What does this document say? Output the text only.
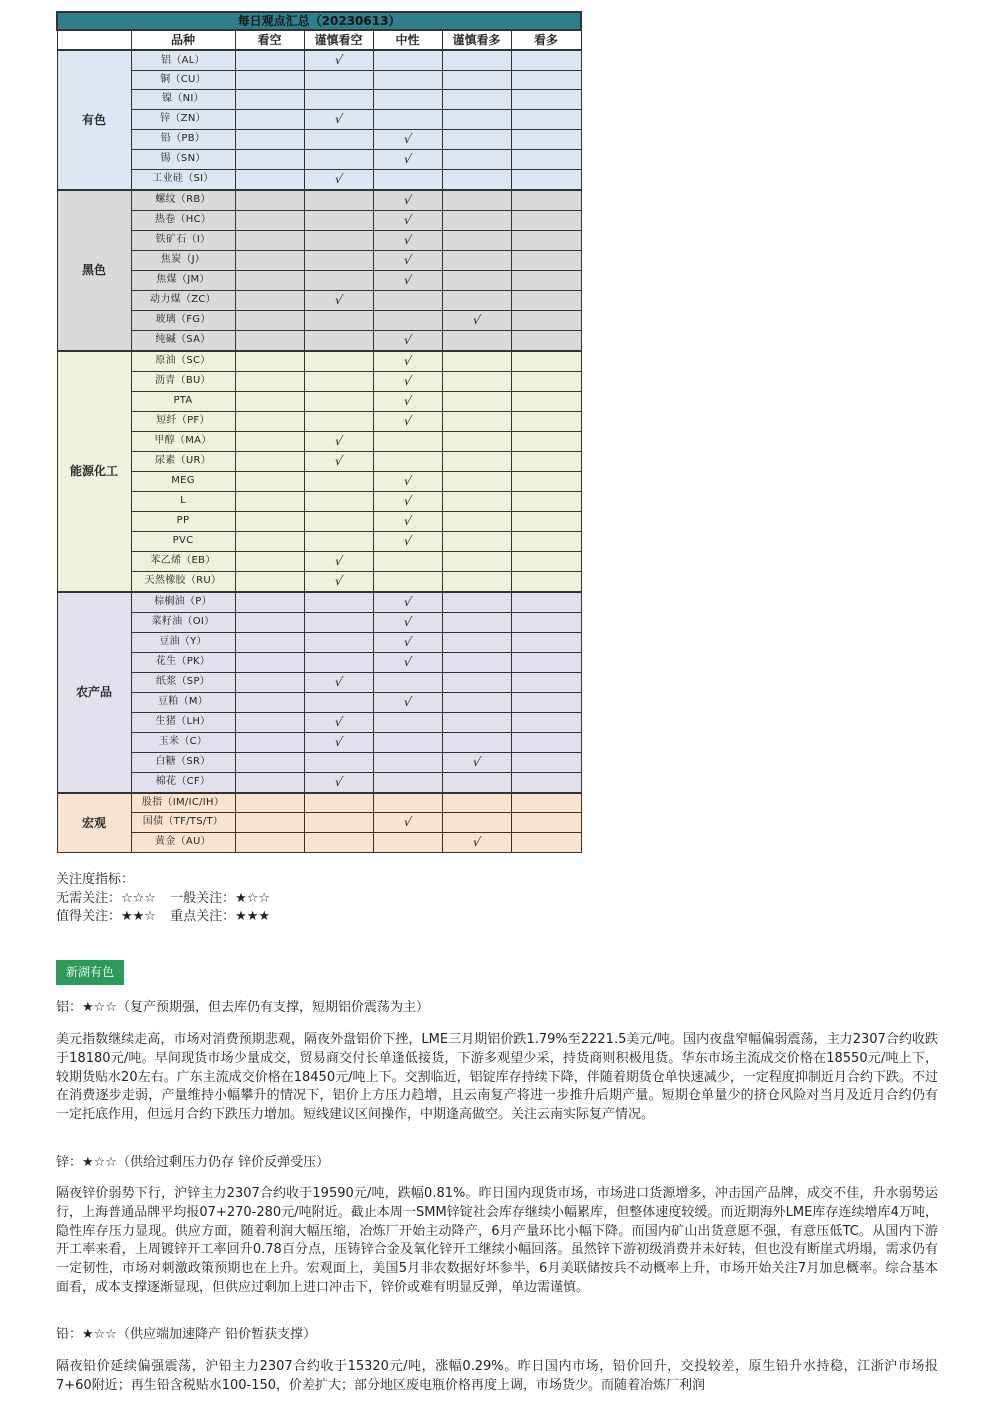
每日观点汇总（20230613）						
	品种	看空	谨慎看空	中性	谨慎看多	看多
有色	铝（AL）		√			
	铜（CU）					
	镍（NI）					
	锌（ZN）		√			
	铅（PB）			√		
	锡（SN）			√		
	工业硅（SI）		√			
黑色	螺纹（RB）			√		
	热卷（HC）			√		
	铁矿石（I）			√		
	焦炭（J）			√		
	焦煤（JM）			√		
	动力煤（ZC）		√			
	玻璃（FG）				√	
	纯碱（SA）			√		
能源化工	原油（SC）			√		
	沥青（BU）			√		
	PTA			√		
	短纤（PF）			√		
	甲醇（MA）		√			
	尿素（UR）		√			
	MEG			√		
	L			√		
	PP			√		
	PVC			√		
	苯乙烯（EB）		√			
	天然橡胶（RU）		√			
农产品	棕榈油（P）			√		
	菜籽油（OI）			√		
	豆油（Y）			√		
	花生（PK）			√		
	纸浆（SP）		√			
	豆粕（M）			√		
	生猪（LH）		√			
	玉米（C）		√			
	白糖（SR）				√	
	棉花（CF）		√			
宏观	股指（IM/IC/IH）					
	国债（TF/TS/T）			√		
	黄金（AU）				√	
关注度指标：
无需关注：☆☆☆ 一般关注：★☆☆
值得关注：★★☆ 重点关注：★★★
新湖有色
铝：★☆☆（复产预期强，但去库仍有支撑，短期铝价震荡为主）
美元指数继续走高，市场对消费预期悲观，隔夜外盘铝价下挫，LME三月期铝价跌1.79%至2221.5美元/吨。国内夜盘窄幅偏弱震荡，主力2307合约收跌于18180元/吨。早间现货市场少量成交，贸易商交付长单逢低接货，下游多观望少采，持货商则积极甩货。华东市场主流成交价格在18550元/吨上下，较期货贴水20左右。广东主流成交价格在18450元/吨上下。交割临近，铝锭库存持续下降，伴随着期货仓单快速减少，一定程度抑制近月合约下跌。不过在消费逐步走弱，产量维持小幅攀升的情况下，铝价上方压力趋增，且云南复产将进一步推升后期产量。短期仓单量少的挤仓风险对当月及近月合约仍有一定托底作用，但远月合约下跌压力增加。短线建议区间操作，中期逢高做空。关注云南实际复产情况。
锌：★☆☆（供给过剩压力仍存 锌价反弹受压）
隔夜锌价弱势下行，沪锌主力2307合约收于19590元/吨，跌幅0.81%。昨日国内现货市场，市场进口货源增多，冲击国产品牌，成交不佳，升水弱势运行，上海普通品牌平均报07+270-280元/吨附近。截止本周一SMM锌锭社会库存继续小幅累库，但整体速度较缓。而近期海外LME库存连续增库4万吨，隐性库存压力显现。供应方面，随着利润大幅压缩，冶炼厂开始主动降产，6月产量环比小幅下降。而国内矿山出货意愿不强，有意压低TC。从国内下游开工率来看，上周镀锌开工率回升0.78百分点，压铸锌合金及氧化锌开工继续小幅回落。虽然锌下游初级消费并未好转，但也没有断崖式坍塌，需求仍有一定韧性，市场对刺激政策预期也在上升。宏观面上，美国5月非农数据好坏参半，6月美联储按兵不动概率上升，市场开始关注7月加息概率。综合基本面看，成本支撑逐渐显现，但供应过剩加上进口冲击下，锌价或难有明显反弹，单边需谨慎。
铅：★☆☆（供应端加速降产 铅价暂获支撑）
隔夜铅价延续偏强震荡，沪铅主力2307合约收于15320元/吨，涨幅0.29%。昨日国内市场，铅价回升，交投较差，原生铅升水持稳，江浙沪市场报7+60附近；再生铅含税贴水100-150，价差扩大；部分地区废电瓶价格再度上调，市场货少。而随着冶炼厂利润
